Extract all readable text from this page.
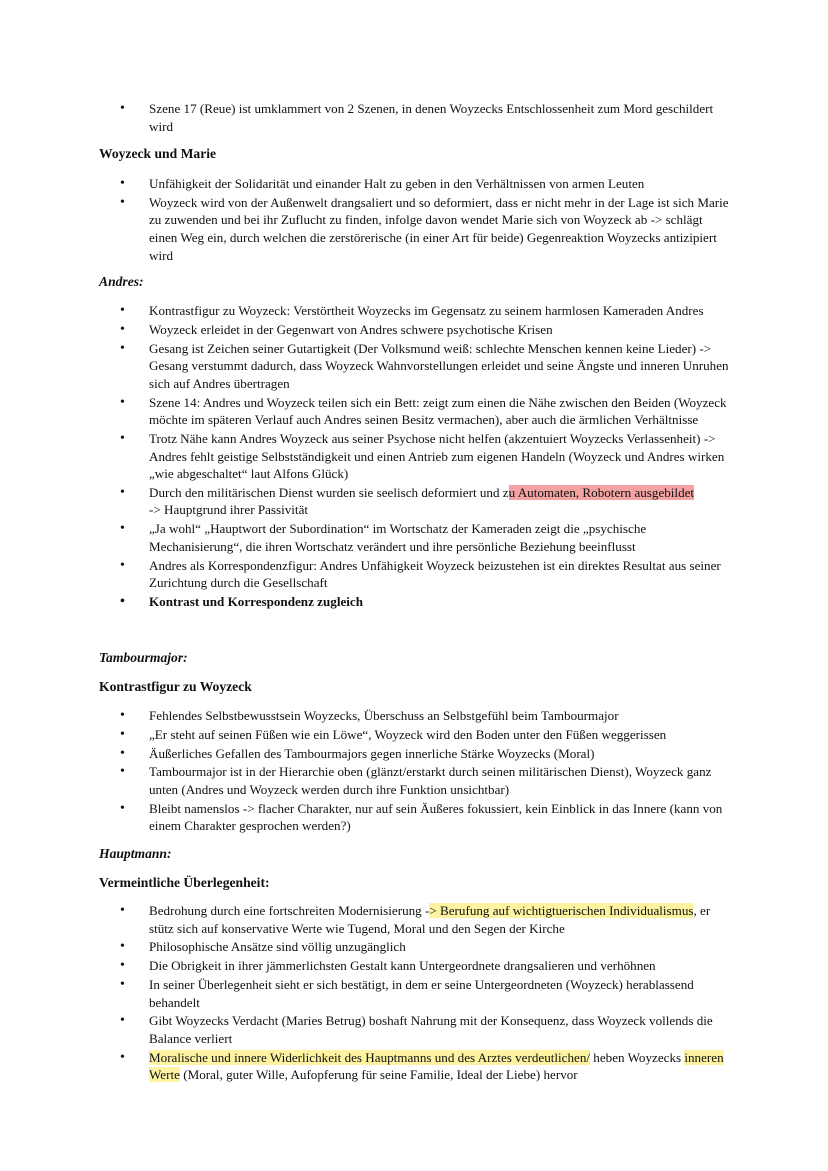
• Szene 17 (Reue) ist umklammert von 2 Szenen, in denen Woyzecks Entschlossenheit zum Mord geschildert wird

Woyzeck und Marie

• Unfähigkeit der Solidarität und einander Halt zu geben in den Verhältnissen von armen Leuten
• Woyzeck wird von der Außenwelt drangsaliert und so deformiert, dass er nicht mehr in der Lage ist sich Marie zu zuwenden und bei ihr Zuflucht zu finden, infolge davon wendet Marie sich von Woyzeck ab -> schlägt einen Weg ein, durch welchen die zerstörerische (in einer Art für beide) Gegenreaktion Woyzecks antizipiert wird

Andres:

• Kontrastfigur zu Woyzeck: Verstörtheit Woyzecks im Gegensatz zu seinem harmlosen Kameraden Andres
• Woyzeck erleidet in der Gegenwart von Andres schwere psychotische Krisen
• Gesang ist Zeichen seiner Gutartigkeit (Der Volksmund weiß: schlechte Menschen kennen keine Lieder) -> Gesang verstummt dadurch, dass Woyzeck Wahnvorstellungen erleidet und seine Ängste und inneren Unruhen sich auf Andres übertragen
• Szene 14: Andres und Woyzeck teilen sich ein Bett: zeigt zum einen die Nähe zwischen den Beiden (Woyzeck möchte im späteren Verlauf auch Andres seinen Besitz vermachen), aber auch die ärmlichen Verhältnisse
• Trotz Nähe kann Andres Woyzeck aus seiner Psychose nicht helfen (akzentuiert Woyzecks Verlassenheit) -> Andres fehlt geistige Selbstständigkeit und einen Antrieb zum eigenen Handeln (Woyzeck und Andres wirken „wie abgeschaltet“ laut Alfons Glück)
• Durch den militärischen Dienst wurden sie seelisch deformiert und zu Automaten, Robotern ausgebildet
-> Hauptgrund ihrer Passivität
• „Ja wohl“ „Hauptwort der Subordination“ im Wortschatz der Kameraden zeigt die „psychische Mechanisierung“, die ihren Wortschatz verändert und ihre persönliche Beziehung beeinflusst
• Andres als Korrespondenzfigur: Andres Unfähigkeit Woyzeck beizustehen ist ein direktes Resultat aus seiner Zurichtung durch die Gesellschaft
• Kontrast und Korrespondenz zugleich

Tambourmajor:

Kontrastfigur zu Woyzeck

• Fehlendes Selbstbewusstsein Woyzecks, Überschuss an Selbstgefühl beim Tambourmajor
• „Er steht auf seinen Füßen wie ein Löwe“, Woyzeck wird den Boden unter den Füßen weggerissen
• Äußerliches Gefallen des Tambourmajors gegen innerliche Stärke Woyzecks (Moral)
• Tambourmajor ist in der Hierarchie oben (glänzt/erstarkt durch seinen militärischen Dienst), Woyzeck ganz unten (Andres und Woyzeck werden durch ihre Funktion unsichtbar)
• Bleibt namenslos -> flacher Charakter, nur auf sein Äußeres fokussiert, kein Einblick in das Innere (kann von einem Charakter gesprochen werden?)

Hauptmann:

Vermeintliche Überlegenheit:

• Bedrohung durch eine fortschreiten Modernisierung -> Berufung auf wichtigtuerischen Individualismus, er stütz sich auf konservative Werte wie Tugend, Moral und den Segen der Kirche
• Philosophische Ansätze sind völlig unzugänglich
• Die Obrigkeit in ihrer jämmerlichsten Gestalt kann Untergeordnete drangsalieren und verhöhnen
• In seiner Überlegenheit sieht er sich bestätigt, in dem er seine Untergeordneten (Woyzeck) herablassend behandelt
• Gibt Woyzecks Verdacht (Maries Betrug) boshaft Nahrung mit der Konsequenz, dass Woyzeck vollends die Balance verliert
• Moralische und innere Widerlichkeit des Hauptmanns und des Arztes verdeutlichen/ heben Woyzecks inneren Werte (Moral, guter Wille, Aufopferung für seine Familie, Ideal der Liebe) hervor
